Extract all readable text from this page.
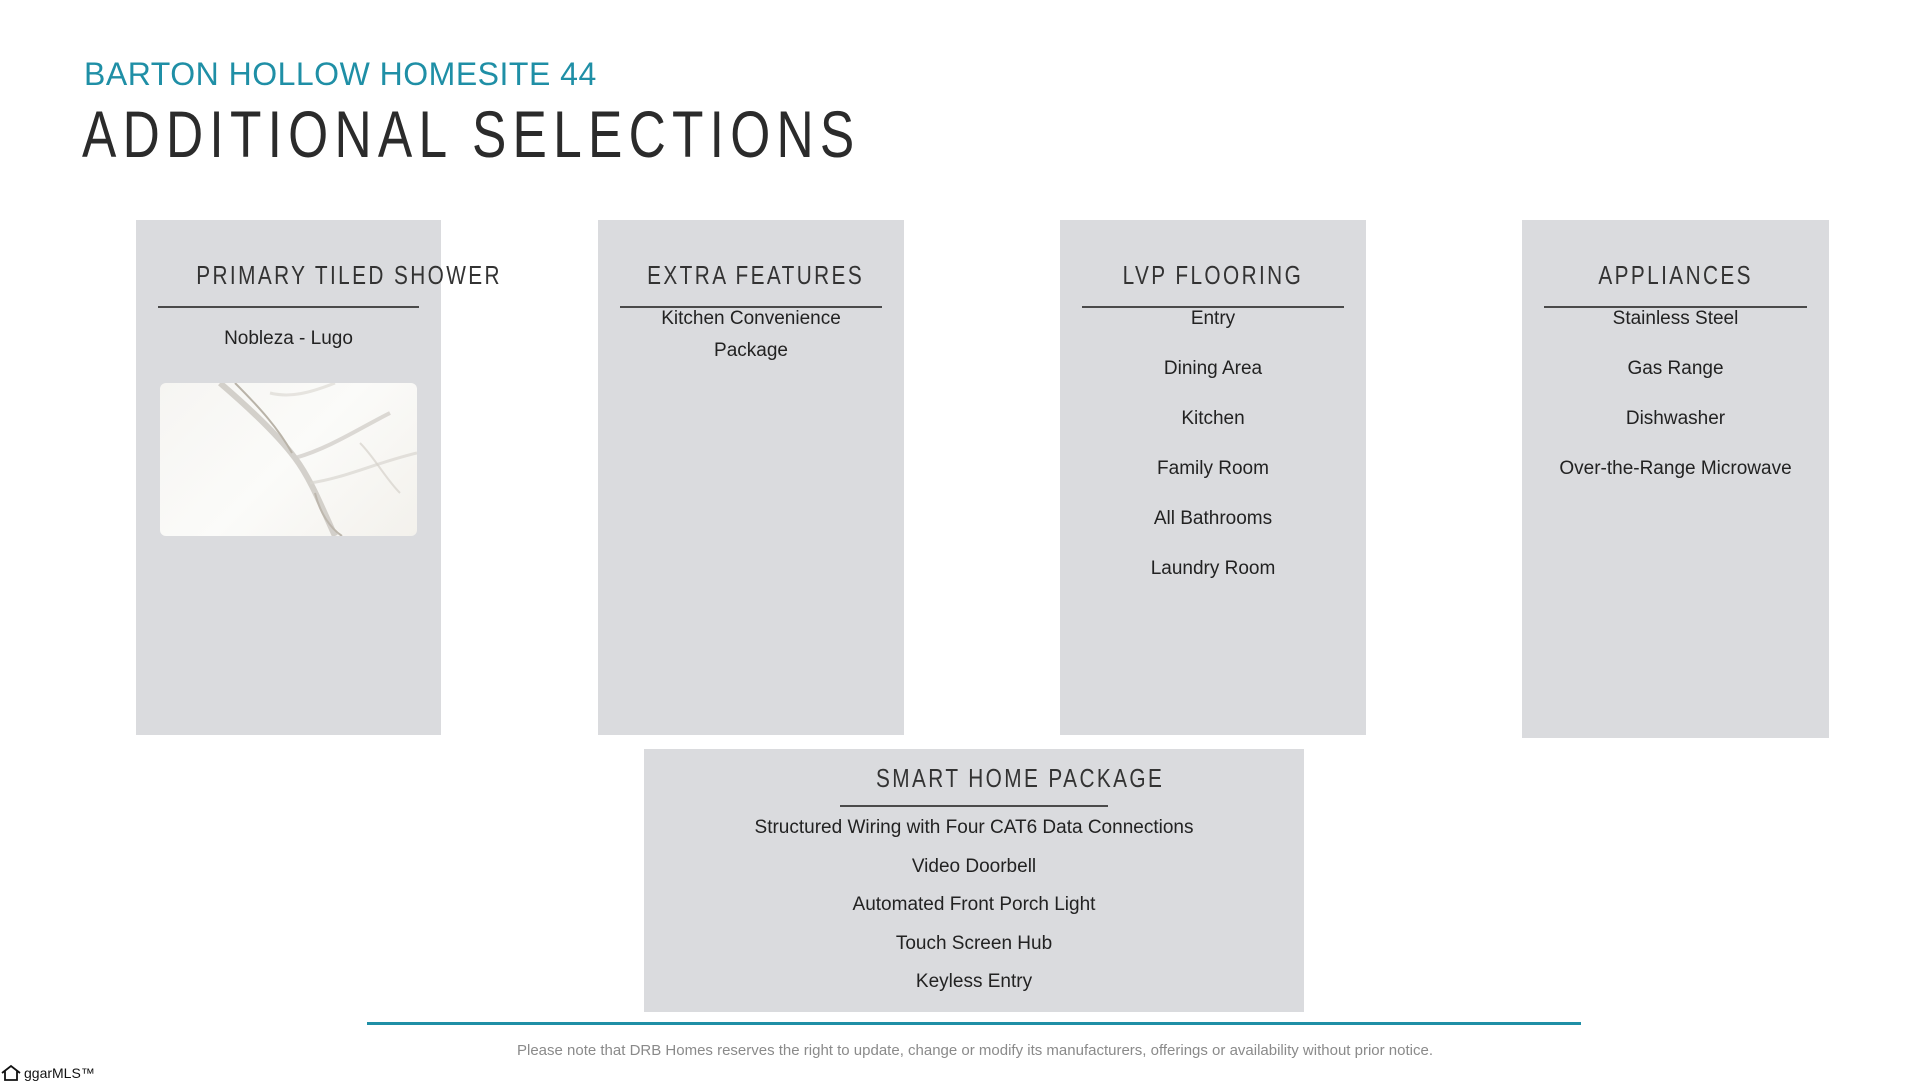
BARTON HOLLOW HOMESITE 44
ADDITIONAL SELECTIONS
PRIMARY TILED SHOWER
Nobleza - Lugo
EXTRA FEATURES
Kitchen Convenience Package
LVP FLOORING
Entry
Dining Area
Kitchen
Family Room
All Bathrooms
Laundry Room
APPLIANCES
Stainless Steel
Gas Range
Dishwasher
Over-the-Range Microwave
SMART HOME PACKAGE
Structured Wiring with Four CAT6 Data Connections
Video Doorbell
Automated Front Porch Light
Touch Screen Hub
Keyless Entry
Please note that DRB Homes reserves the right to update, change or modify its manufacturers, offerings or availability without prior notice.
ggarMLS™
